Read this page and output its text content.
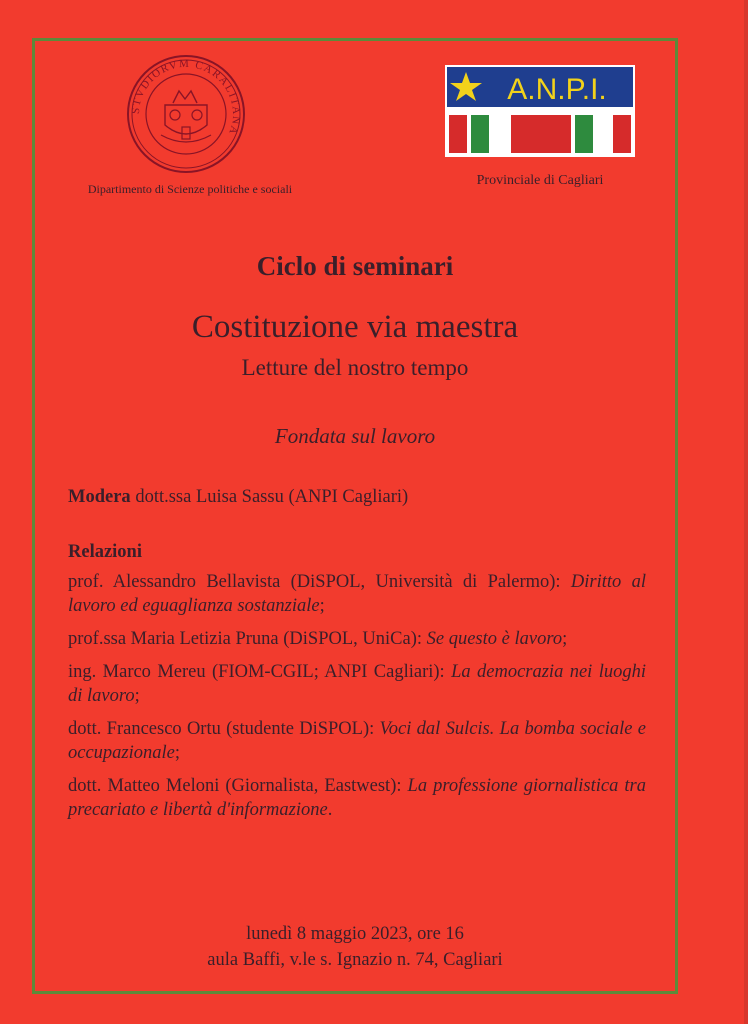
STVDIORVM CARALITANA
Dipartimento di Scienze politiche e sociali
A.N.P.I.
Provinciale di Cagliari
Ciclo di seminari
Costituzione via maestra
Letture del nostro tempo
Fondata sul lavoro
Modera dott.ssa Luisa Sassu (ANPI Cagliari)
Relazioni
prof. Alessandro Bellavista (DiSPOL, Università di Palermo): Diritto al lavoro ed eguaglianza sostanziale;
prof.ssa Maria Letizia Pruna (DiSPOL, UniCa): Se questo è lavoro;
ing. Marco Mereu (FIOM-CGIL; ANPI Cagliari): La democrazia nei luoghi di lavoro;
dott. Francesco Ortu (studente DiSPOL): Voci dal Sulcis. La bomba sociale e occupazionale;
dott. Matteo Meloni (Giornalista, Eastwest): La professione giornalistica tra precariato e libertà d'informazione.
lunedì 8 maggio 2023, ore 16
aula Baffi, v.le s. Ignazio n. 74, Cagliari
